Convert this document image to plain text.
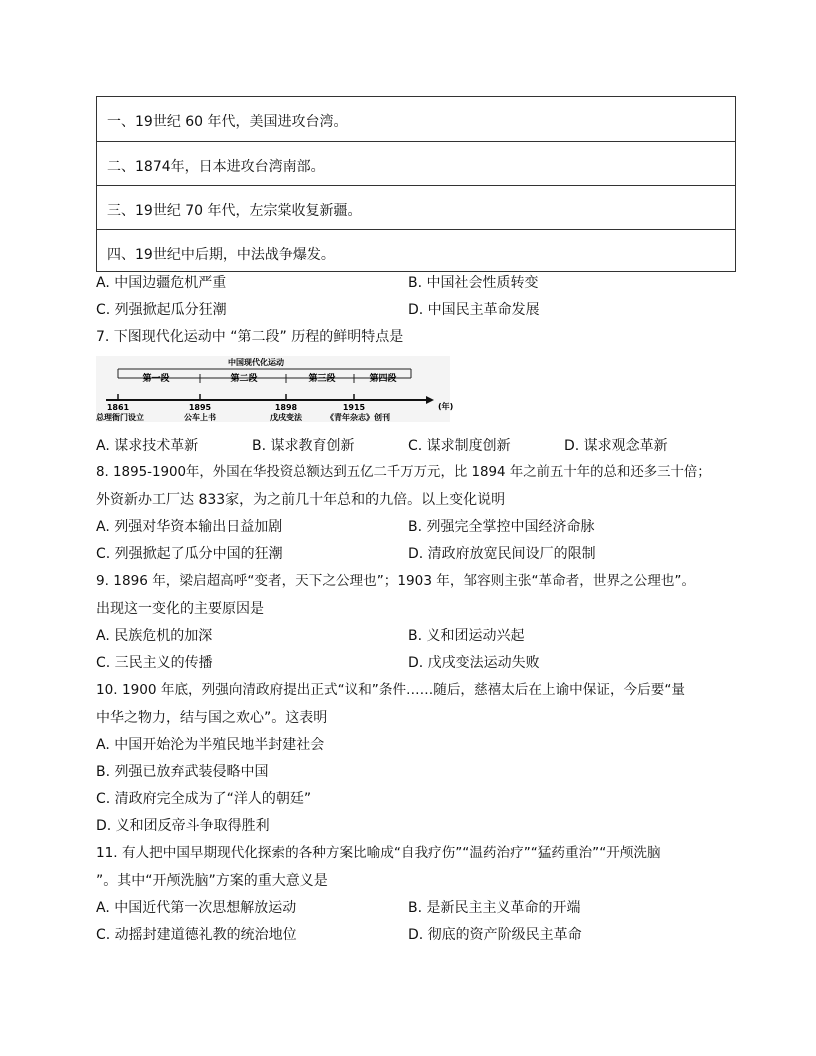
一、19世纪 60 年代，美国进攻台湾。
二、1874年，日本进攻台湾南部。
三、19世纪 70 年代，左宗棠收复新疆。
四、19世纪中后期，中法战争爆发。
A. 中国边疆危机严重	B. 中国社会性质转变
C. 列强掀起瓜分狂潮	D. 中国民主革命发展
7. 下图现代化运动中 “第二段” 历程的鲜明特点是
中国现代化运动
第一段	第二段	第三段	第四段
(年)
1861	1895	1898	1915
总理衙门设立	公车上书	戊戌变法	《青年杂志》创刊
A. 谋求技术革新	B. 谋求教育创新	C. 谋求制度创新	D. 谋求观念革新
8. 1895-1900年，外国在华投资总额达到五亿二千万万元，比 1894 年之前五十年的总和还多三十倍；
外资新办工厂达 833家，为之前几十年总和的九倍。以上变化说明
A. 列强对华资本输出日益加剧	B. 列强完全掌控中国经济命脉
C. 列强掀起了瓜分中国的狂潮	D. 清政府放宽民间设厂的限制
9. 1896 年，梁启超高呼“变者，天下之公理也”；1903 年，邹容则主张“革命者，世界之公理也”。
出现这一变化的主要原因是
A. 民族危机的加深	B. 义和团运动兴起
C. 三民主义的传播	D. 戊戌变法运动失败
10. 1900 年底，列强向清政府提出正式“议和”条件……随后，慈禧太后在上谕中保证，今后要“量
中华之物力，结与国之欢心”。这表明
A. 中国开始沦为半殖民地半封建社会
B. 列强已放弃武装侵略中国
C. 清政府完全成为了“洋人的朝廷”
D. 义和团反帝斗争取得胜利
11. 有人把中国早期现代化探索的各种方案比喻成“自我疗伤”“温药治疗”“猛药重治”“开颅洗脑
”。其中“开颅洗脑”方案的重大意义是
A. 中国近代第一次思想解放运动	B. 是新民主主义革命的开端
C. 动摇封建道德礼教的统治地位	D. 彻底的资产阶级民主革命
